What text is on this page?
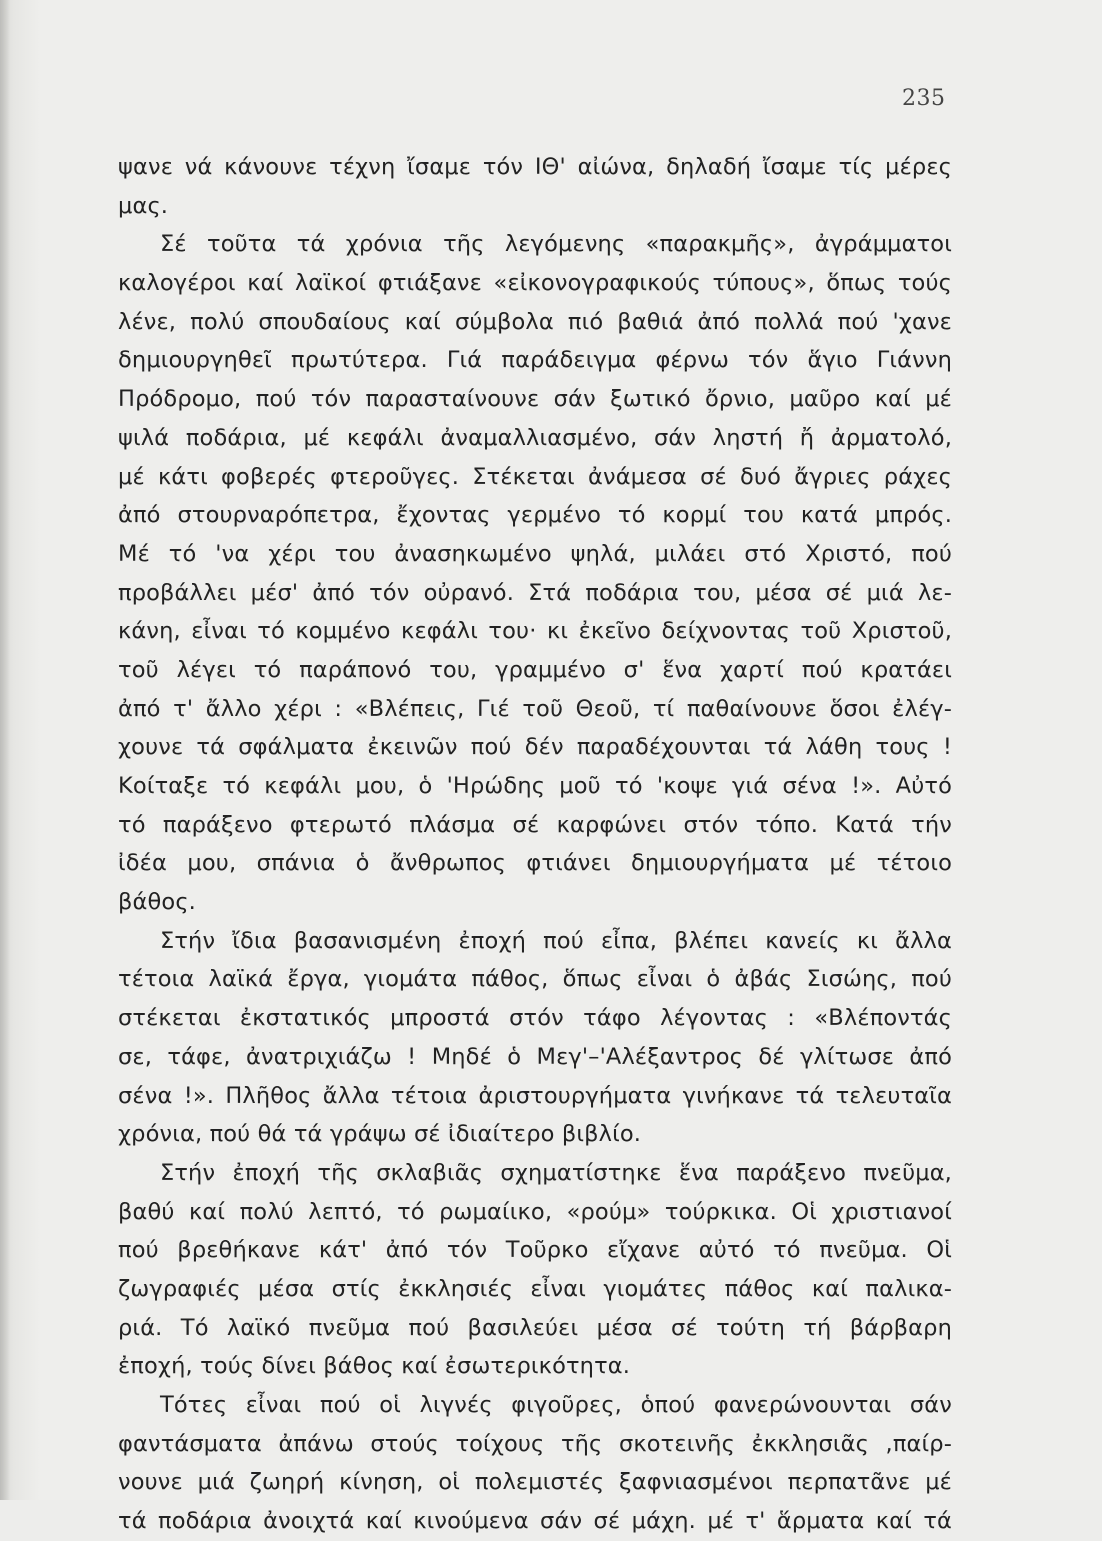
235
ψανε νά κάνουνε τέχνη ἴσαμε τόν ΙΘ' αἰώνα, δηλαδή ἴσαμε τίς μέρες
μας.
Σέ τοῦτα τά χρόνια τῆς λεγόμενης «παρακμῆς», ἀγράμματοι
καλογέροι καί λαϊκοί φτιάξανε «εἰκονογραφικούς τύπους», ὅπως τούς
λένε, πολύ σπουδαίους καί σύμβολα πιό βαθιά ἀπό πολλά πού 'χανε
δημιουργηθεῖ πρωτύτερα. Γιά παράδειγμα φέρνω τόν ἅγιο Γιάννη
Πρόδρομο, πού τόν παρασταίνουνε σάν ξωτικό ὄρνιο, μαῦρο καί μέ
ψιλά ποδάρια, μέ κεφάλι ἀναμαλλιασμένο, σάν ληστή ἤ ἀρματολό,
μέ κάτι φοβερές φτεροῦγες. Στέκεται ἀνάμεσα σέ δυό ἄγριες ράχες
ἀπό στουρναρόπετρα, ἔχοντας γερμένο τό κορμί του κατά μπρός.
Μέ τό 'να χέρι του ἀνασηκωμένο ψηλά, μιλάει στό Χριστό, πού
προβάλλει μέσ' ἀπό τόν οὐρανό. Στά ποδάρια του, μέσα σέ μιά λε-
κάνη, εἶναι τό κομμένο κεφάλι του· κι ἐκεῖνο δείχνοντας τοῦ Χριστοῦ,
τοῦ λέγει τό παράπονό του, γραμμένο σ' ἕνα χαρτί πού κρατάει
ἀπό τ' ἄλλο χέρι : «Βλέπεις, Γιέ τοῦ Θεοῦ, τί παθαίνουνε ὅσοι ἐλέγ-
χουνε τά σφάλματα ἐκεινῶν πού δέν παραδέχουνται τά λάθη τους !
Κοίταξε τό κεφάλι μου, ὁ 'Ηρώδης μοῦ τό 'κοψε γιά σένα !». Αὐτό
τό παράξενο φτερωτό πλάσμα σέ καρφώνει στόν τόπο. Κατά τήν
ἰδέα μου, σπάνια ὁ ἄνθρωπος φτιάνει δημιουργήματα μέ τέτοιο
βάθος.
Στήν ἴδια βασανισμένη ἐποχή πού εἶπα, βλέπει κανείς κι ἄλλα
τέτοια λαϊκά ἔργα, γιομάτα πάθος, ὅπως εἶναι ὁ ἀβάς Σισώης, πού
στέκεται ἐκστατικός μπροστά στόν τάφο λέγοντας : «Βλέποντάς
σε, τάφε, ἀνατριχιάζω ! Μηδέ ὁ Μεγ'–'Αλέξαντρος δέ γλίτωσε ἀπό
σένα !». Πλῆθος ἄλλα τέτοια ἀριστουργήματα γινήκανε τά τελευταῖα
χρόνια, πού θά τά γράψω σέ ἰδιαίτερο βιβλίο.
Στήν ἐποχή τῆς σκλαβιᾶς σχηματίστηκε ἕνα παράξενο πνεῦμα,
βαθύ καί πολύ λεπτό, τό ρωμαίικο, «ρούμ» τούρκικα. Οἱ χριστιανοί
πού βρεθήκανε κάτ' ἀπό τόν Τοῦρκο εἴχανε αὐτό τό πνεῦμα. Οἱ
ζωγραφιές μέσα στίς ἐκκλησιές εἶναι γιομάτες πάθος καί παλικα-
ριά. Τό λαϊκό πνεῦμα πού βασιλεύει μέσα σέ τούτη τή βάρβαρη
ἐποχή, τούς δίνει βάθος καί ἐσωτερικότητα.
Τότες εἶναι πού οἱ λιγνές φιγοῦρες, ὁπού φανερώνουνται σάν
φαντάσματα ἀπάνω στούς τοίχους τῆς σκοτεινῆς ἐκκλησιᾶς ,παίρ-
νουνε μιά ζωηρή κίνηση, οἱ πολεμιστές ξαφνιασμένοι περπατᾶνε μέ
τά ποδάρια ἀνοιχτά καί κινούμενα σάν σέ μάχη. μέ τ' ἅρματα καί τά
